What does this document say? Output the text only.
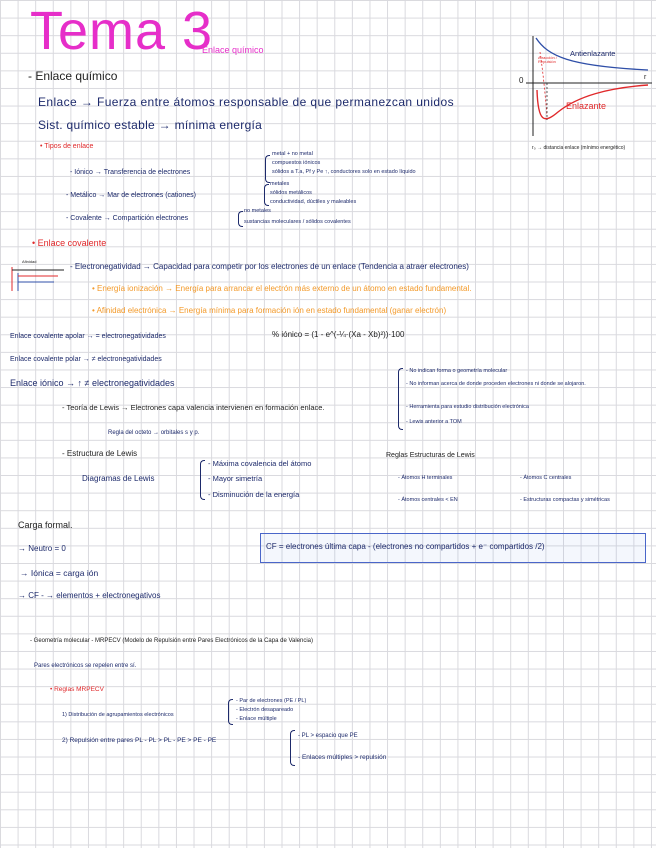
Tema 3
Enlace químico
- Enlace químico
Enlace → Fuerza entre átomos responsable de que permanezcan unidos
Sist. químico estable → mínima energía
Atracción / Repulsión
Antienlazante
Enlazante
0	r
r₀ → distancia enlace (mínimo energético)
• Tipos de enlace
- Iónico → Transferencia de electrones
metal + no metal
compuestos iónicos
sólidos a T.a, Pf y Pe ↑, conductores solo en estado líquido
- Metálico → Mar de electrones (cationes)
metales
sólidos metálicos
conductividad, dúctiles y maleables
- Covalente → Compartición electrones
no metales
sustancias moleculares / sólidos covalentes
• Enlace covalente
Afinidad
- Electronegatividad → Capacidad para competir por los electrones de un enlace (Tendencia a atraer electrones)
• Energía ionización → Energía para arrancar el electrón más externo de un átomo en estado fundamental.
• Afinidad electrónica → Energía mínima para formación ión en estado fundamental (ganar electrón)
Enlace covalente apolar → = electronegatividades	% iónico = (1 - e^(-¼·(Xa - Xb)²))·100
Enlace covalente polar → ≠ electronegatividades
Enlace iónico → ↑ ≠ electronegatividades
- No indican forma o geometría molecular
- No informan acerca de donde proceden electrones ni donde se alojaron.
- Herramienta para estudio distribución electrónica
- Lewis anterior a TOM
- Teoría de Lewis → Electrones capa valencia intervienen en formación enlace.
Regla del octeto → orbitales s y p.
- Estructura de Lewis
Diagramas de Lewis
- Máxima covalencia del átomo
- Mayor simetría
- Disminución de la energía
Reglas Estructuras de Lewis
- Átomos H terminales	- Átomos C centrales
- Átomos centrales < EN	- Estructuras compactas y simétricas
Carga formal.
→ Neutro = 0
→ Iónica = carga ión
→ CF - → elementos + electronegativos
CF = electrones última capa - (electrones no compartidos + e⁻ compartidos /2)
- Geometría molecular - MRPECV (Modelo de Repulsión entre Pares Electrónicos de la Capa de Valencia)
Pares electrónicos se repelen entre sí.
• Reglas MRPECV
1) Distribución de agrupamientos electrónicos
- Par de electrones (PE / PL)
- Electrón desapareado
- Enlace múltiple
2) Repulsión entre pares PL - PL > PL - PE > PE - PE
- PL > espacio que PE
- Enlaces múltiples > repulsión
